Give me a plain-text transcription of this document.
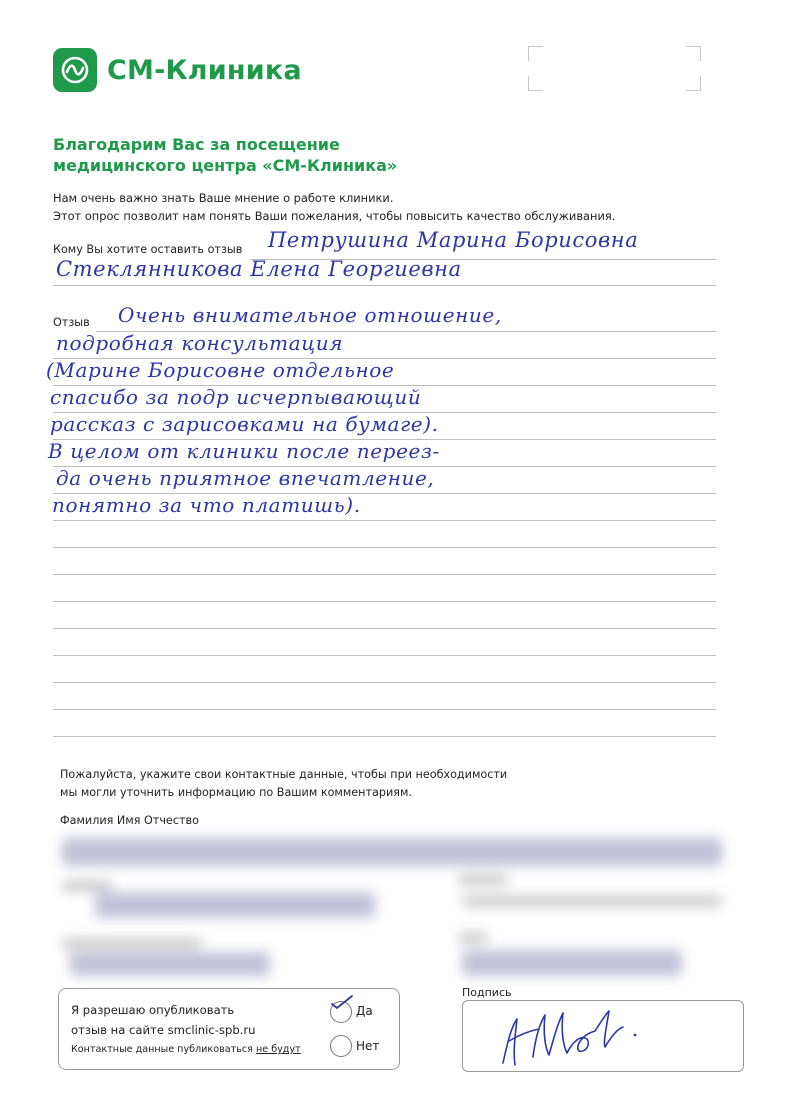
СМ-Клиника
Благодарим Вас за посещение
медицинского центра «СМ-Клиника»
Нам очень важно знать Ваше мнение о работе клиники.
Этот опрос позволит нам понять Ваши пожелания, чтобы повысить качество обслуживания.
Кому Вы хотите оставить отзыв Петрушина Марина Борисовна
Стеклянникова Елена Георгиевна
Отзыв Очень внимательное отношение,
подробная консультация
(Марине Борисовне отдельное
спасибо за подр исчерпывающий
рассказ с зарисовками на бумаге).
В целом от клиники после переез-
да очень приятное впечатление,
понятно за что платишь).
Пожалуйста, укажите свои контактные данные, чтобы при необходимости
мы могли уточнить информацию по Вашим комментариям.
Фамилия Имя Отчество
Я разрешаю опубликовать
отзыв на сайте smclinic-spb.ru
Контактные данные публиковаться не будут
Да
Нет
Подпись
